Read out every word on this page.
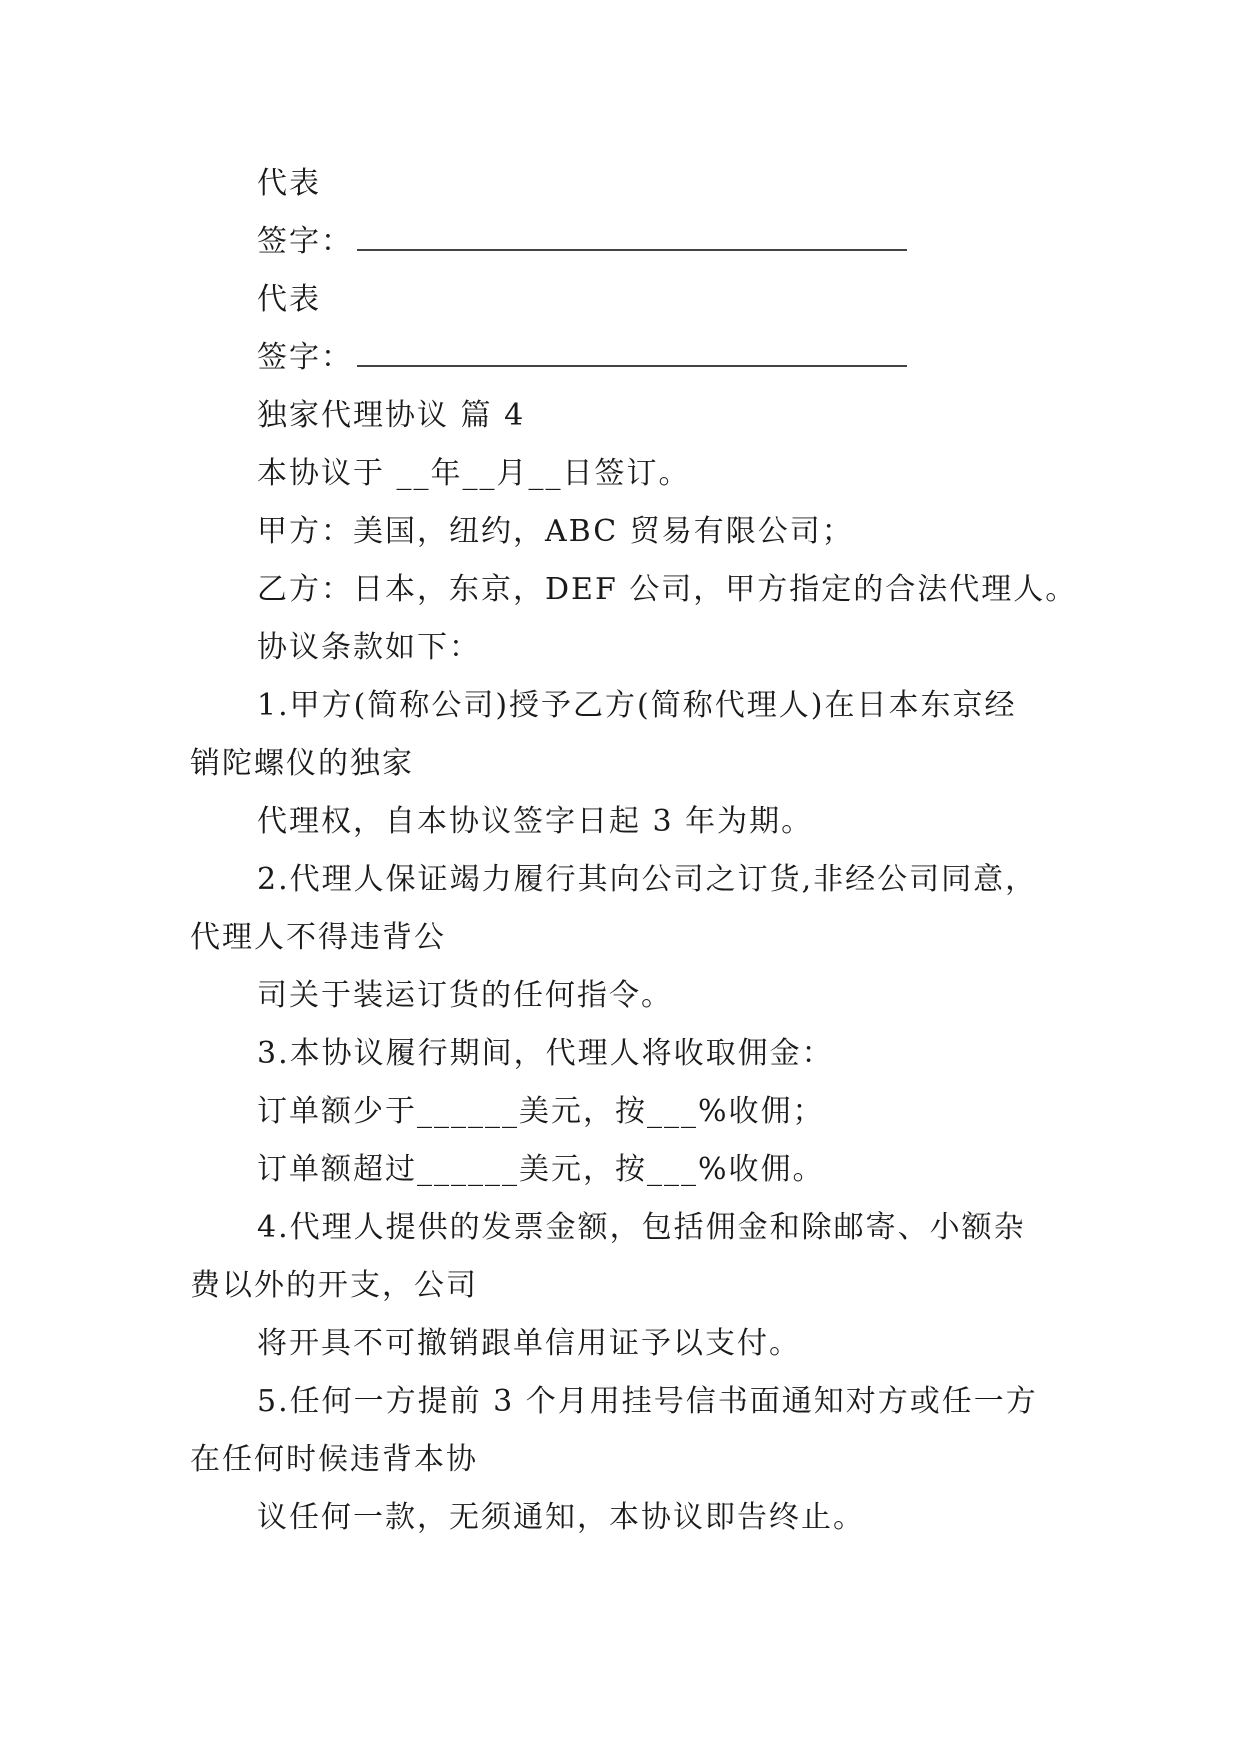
代表
签字：
代表
签字：
独家代理协议 篇 4
本协议于 __年__月__日签订。
甲方：美国，纽约，ABC 贸易有限公司；
乙方：日本，东京，DEF 公司，甲方指定的合法代理人。
协议条款如下：
1.甲方(简称公司)授予乙方(简称代理人)在日本东京经
销陀螺仪的独家
代理权，自本协议签字日起 3 年为期。
2.代理人保证竭力履行其向公司之订货,非经公司同意，
代理人不得违背公
司关于装运订货的任何指令。
3.本协议履行期间，代理人将收取佣金：
订单额少于______美元，按___%收佣；
订单额超过______美元，按___%收佣。
4.代理人提供的发票金额，包括佣金和除邮寄、小额杂
费以外的开支，公司
将开具不可撤销跟单信用证予以支付。
5.任何一方提前 3 个月用挂号信书面通知对方或任一方
在任何时候违背本协
议任何一款，无须通知，本协议即告终止。
